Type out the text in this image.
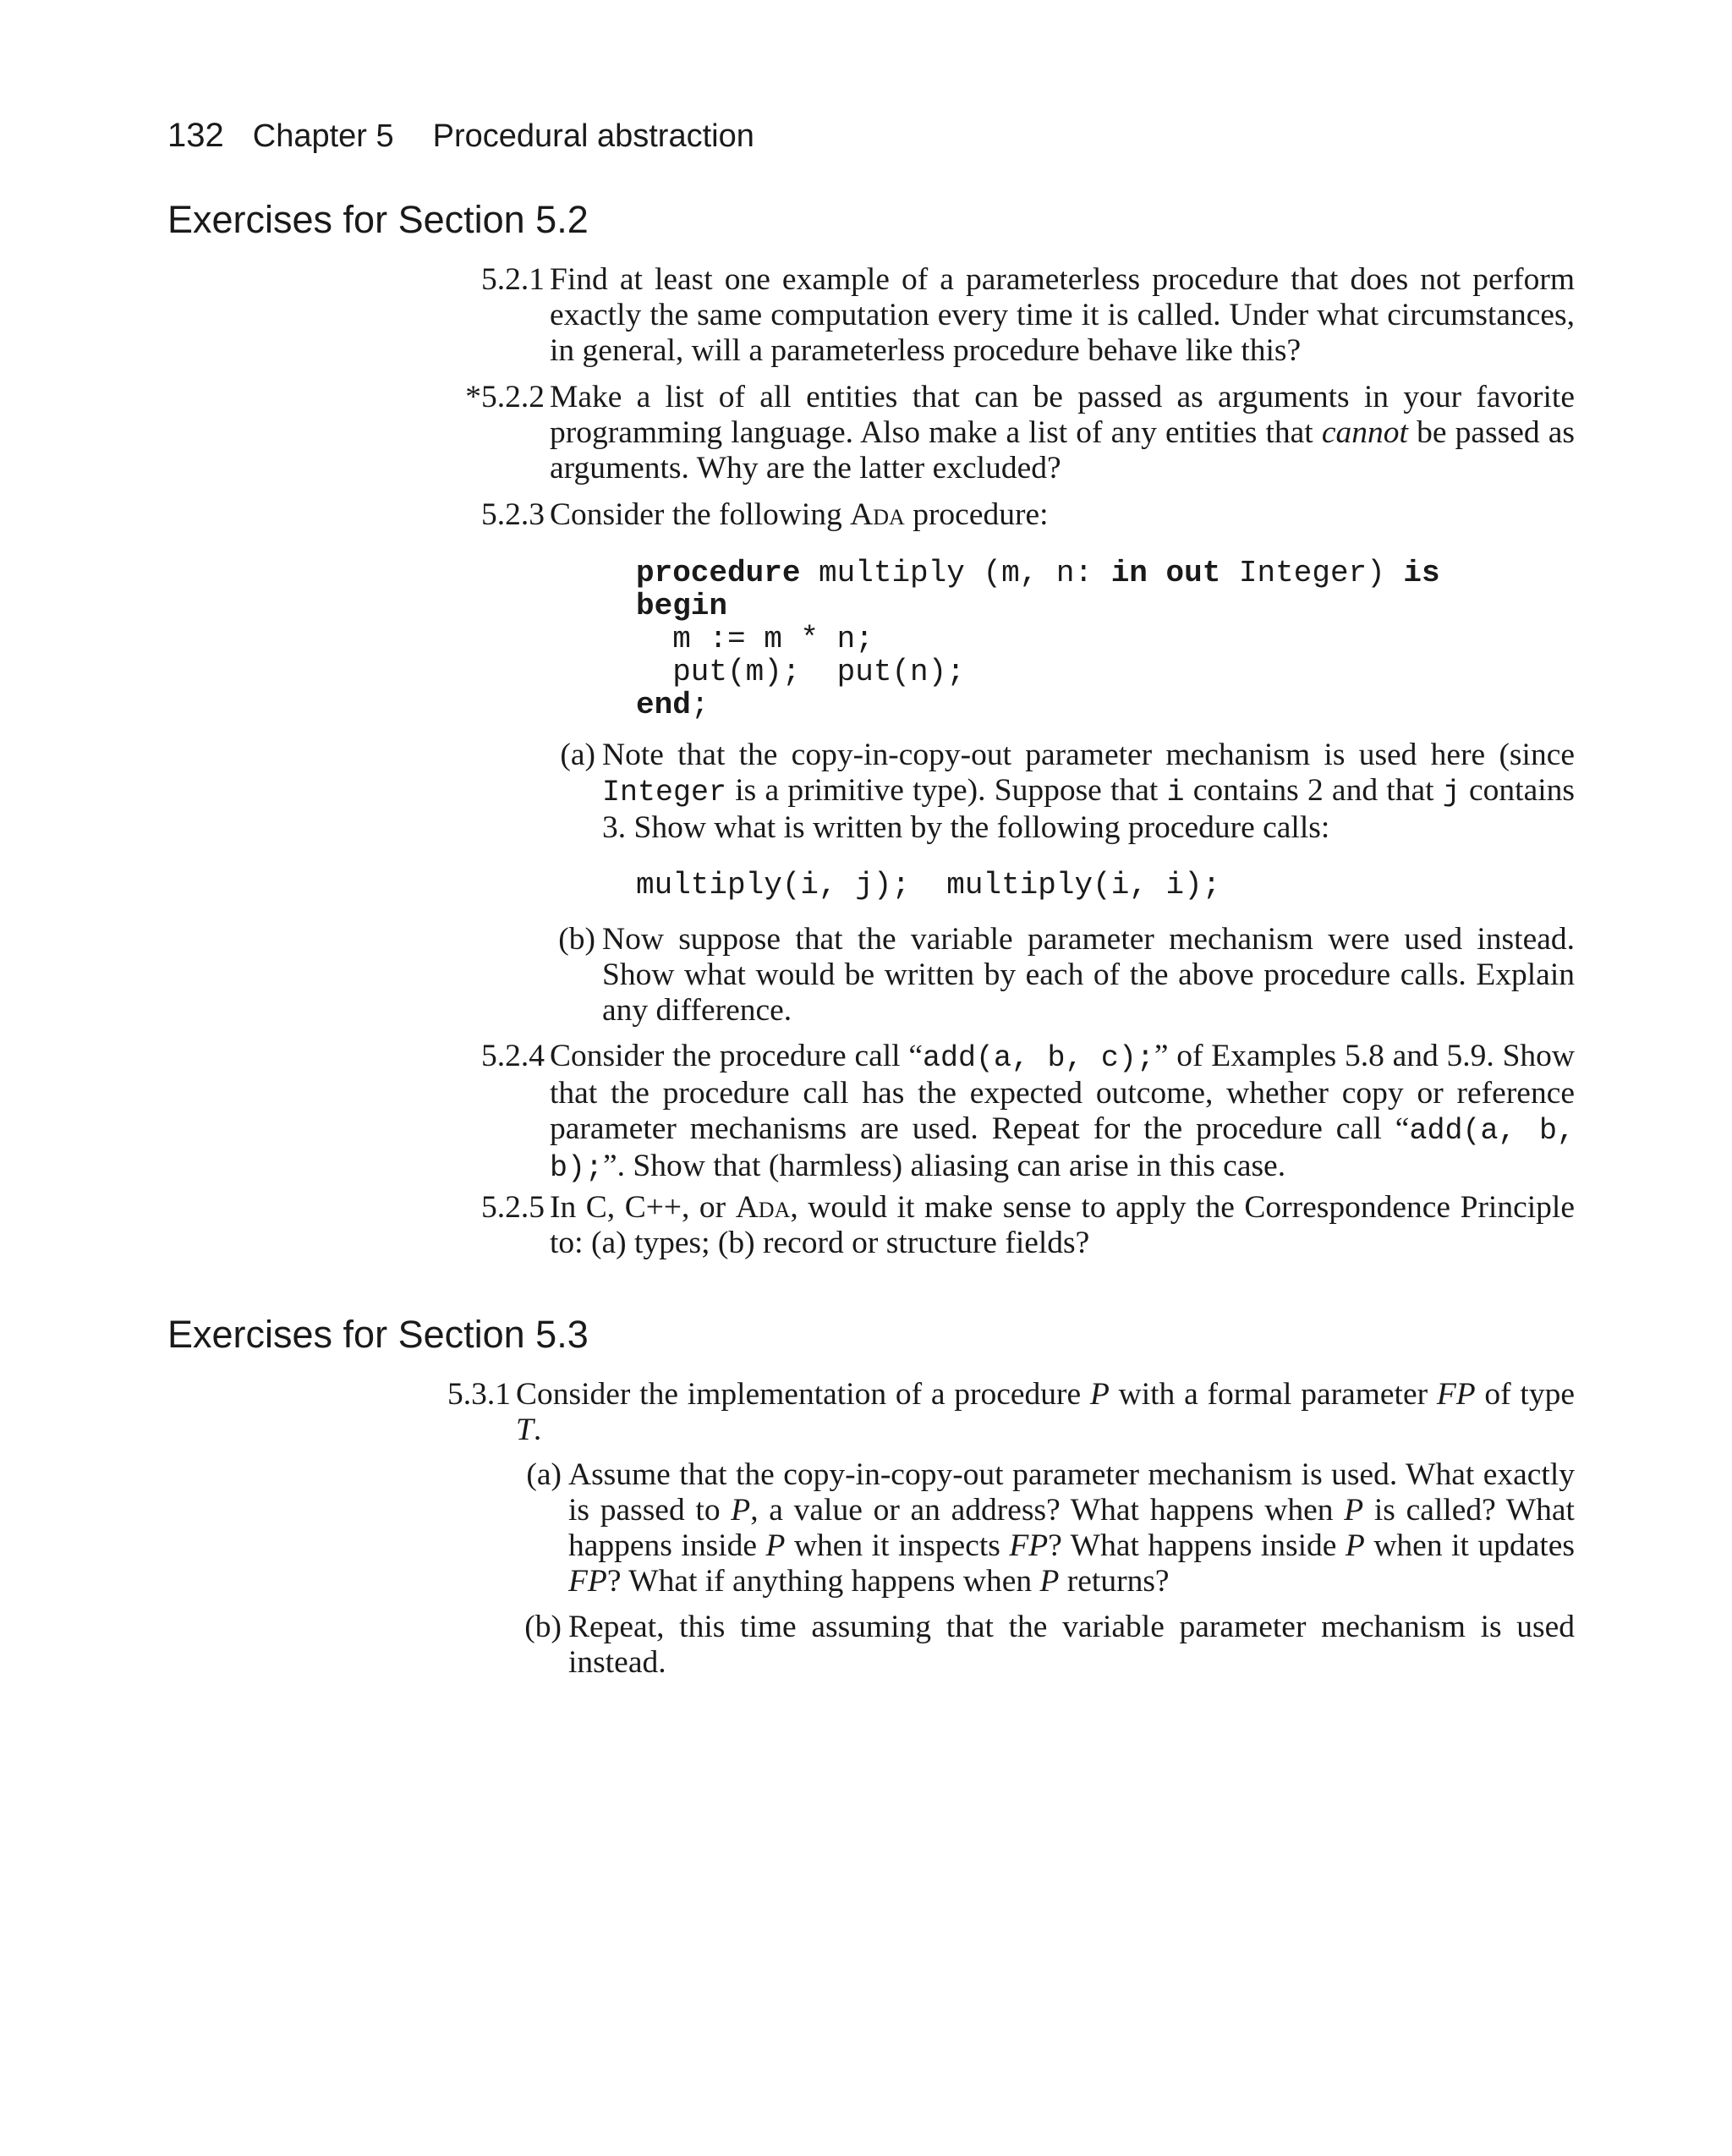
132 Chapter 5 Procedural abstraction
Exercises for Section 5.2
5.2.1 Find at least one example of a parameterless procedure that does not perform exactly the same computation every time it is called. Under what circumstances, in general, will a parameterless procedure behave like this?

*5.2.2 Make a list of all entities that can be passed as arguments in your favorite programming language. Also make a list of any entities that cannot be passed as arguments. Why are the latter excluded?

5.2.3 Consider the following Ada procedure:

procedure multiply (m, n: in out Integer) is
begin
m := m * n;
put(m);  put(n);
end;
(a) Note that the copy-in-copy-out parameter mechanism is used here (since Integer is a primitive type). Suppose that i contains 2 and that j contains 3. Show what is written by the following procedure calls:

multiply(i, j);  multiply(i, i);
(b) Now suppose that the variable parameter mechanism were used instead. Show what would be written by each of the above procedure calls. Explain any difference.

5.2.4 Consider the procedure call “add(a, b, c);” of Examples 5.8 and 5.9. Show that the procedure call has the expected outcome, whether copy or reference parameter mechanisms are used. Repeat for the procedure call “add(a, b, b);”. Show that (harmless) aliasing can arise in this case.

5.2.5 In C, C++, or Ada, would it make sense to apply the Correspondence Principle to: (a) types; (b) record or structure fields?

Exercises for Section 5.3
5.3.1 Consider the implementation of a procedure P with a formal parameter FP of type T.

(a) Assume that the copy-in-copy-out parameter mechanism is used. What exactly is passed to P, a value or an address? What happens when P is called? What happens inside P when it inspects FP? What happens inside P when it updates FP? What if anything happens when P returns?

(b) Repeat, this time assuming that the variable parameter mechanism is used instead.
